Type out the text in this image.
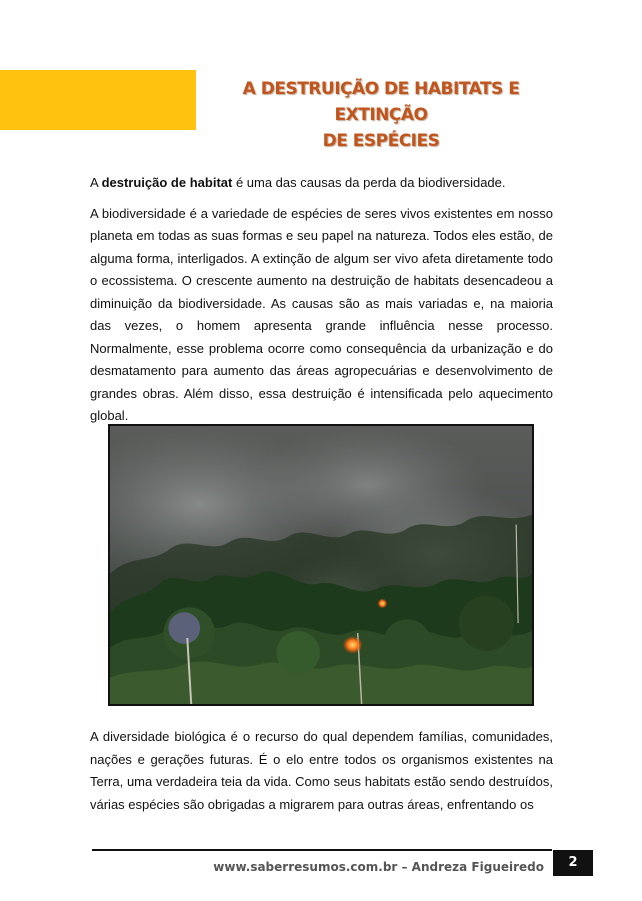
A DESTRUIÇÃO DE HABITATS E EXTINÇÃO
DE ESPÉCIES

A destruição de habitat é uma das causas da perda da biodiversidade.

A biodiversidade é a variedade de espécies de seres vivos existentes em nosso planeta em todas as suas formas e seu papel na natureza. Todos eles estão, de alguma forma, interligados. A extinção de algum ser vivo afeta diretamente todo o ecossistema. O crescente aumento na destruição de habitats desencadeou a diminuição da biodiversidade. As causas são as mais variadas e, na maioria das vezes, o homem apresenta grande influência nesse processo. Normalmente, esse problema ocorre como consequência da urbanização e do desmatamento para aumento das áreas agropecuárias e desenvolvimento de grandes obras. Além disso, essa destruição é intensificada pelo aquecimento global.

A diversidade biológica é o recurso do qual dependem famílias, comunidades, nações e gerações futuras. É o elo entre todos os organismos existentes na Terra, uma verdadeira teia da vida. Como seus habitats estão sendo destruídos, várias espécies são obrigadas a migrarem para outras áreas, enfrentando os

www.saberresumos.com.br – Andreza Figueiredo	2
